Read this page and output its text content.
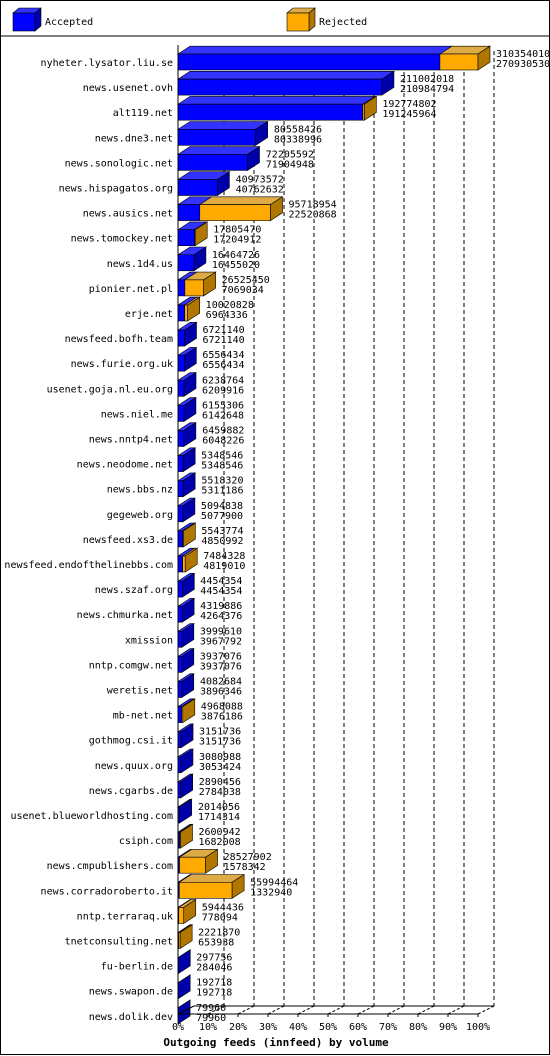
Accepted	Rejected
0% 10% 20% 30% 40% 50% 60% 70% 80% 90% 100%
nyheter.lysator.liu.se
310354010
270930530
news.usenet.ovh
211002018
210984794
alt119.net
192774802
191245964
news.dne3.net
80558426
80338996
news.sonologic.net
72205592
71904948
news.hispagatos.org
40973572
40762632
news.ausics.net
95718954
22520868
news.tomockey.net
17805470
17204912
news.1d4.us
16464726
16455020
pionier.net.pl
26525450
7069034
erje.net
10020828
6964336
newsfeed.bofh.team
6721140
6721140
news.furie.org.uk
6556434
6556434
usenet.goja.nl.eu.org
6238764
6209916
news.niel.me
6155306
6142648
news.nntp4.net
6459882
6048226
news.neodome.net
5348546
5348546
news.bbs.nz
5518320
5311186
gegeweb.org
5094838
5077900
newsfeed.xs3.de
5543774
4850992
newsfeed.endofthelinebbs.com
7484328
4819010
news.szaf.org
4454354
4454354
news.chmurka.net
4319886
4264376
xmission
3999610
3967792
nntp.comgw.net
3937076
3937076
weretis.net
4082684
3896346
mb-net.net
4968088
3876186
gothmog.csi.it
3151736
3151736
news.quux.org
3080988
3053424
news.cgarbs.de
2890456
2784038
usenet.blueworldhosting.com
2014056
1714314
csiph.com
2600942
1682008
news.cmpublishers.com
28527902
1578342
news.corradoroberto.it
55994464
1332940
nntp.terraraq.uk
5944436
778094
tnetconsulting.net
2221870
653938
fu-berlin.de
297756
284046
news.swapon.de
192718
192718
news.dolik.dev
79960
79960
Outgoing feeds (innfeed) by volume
